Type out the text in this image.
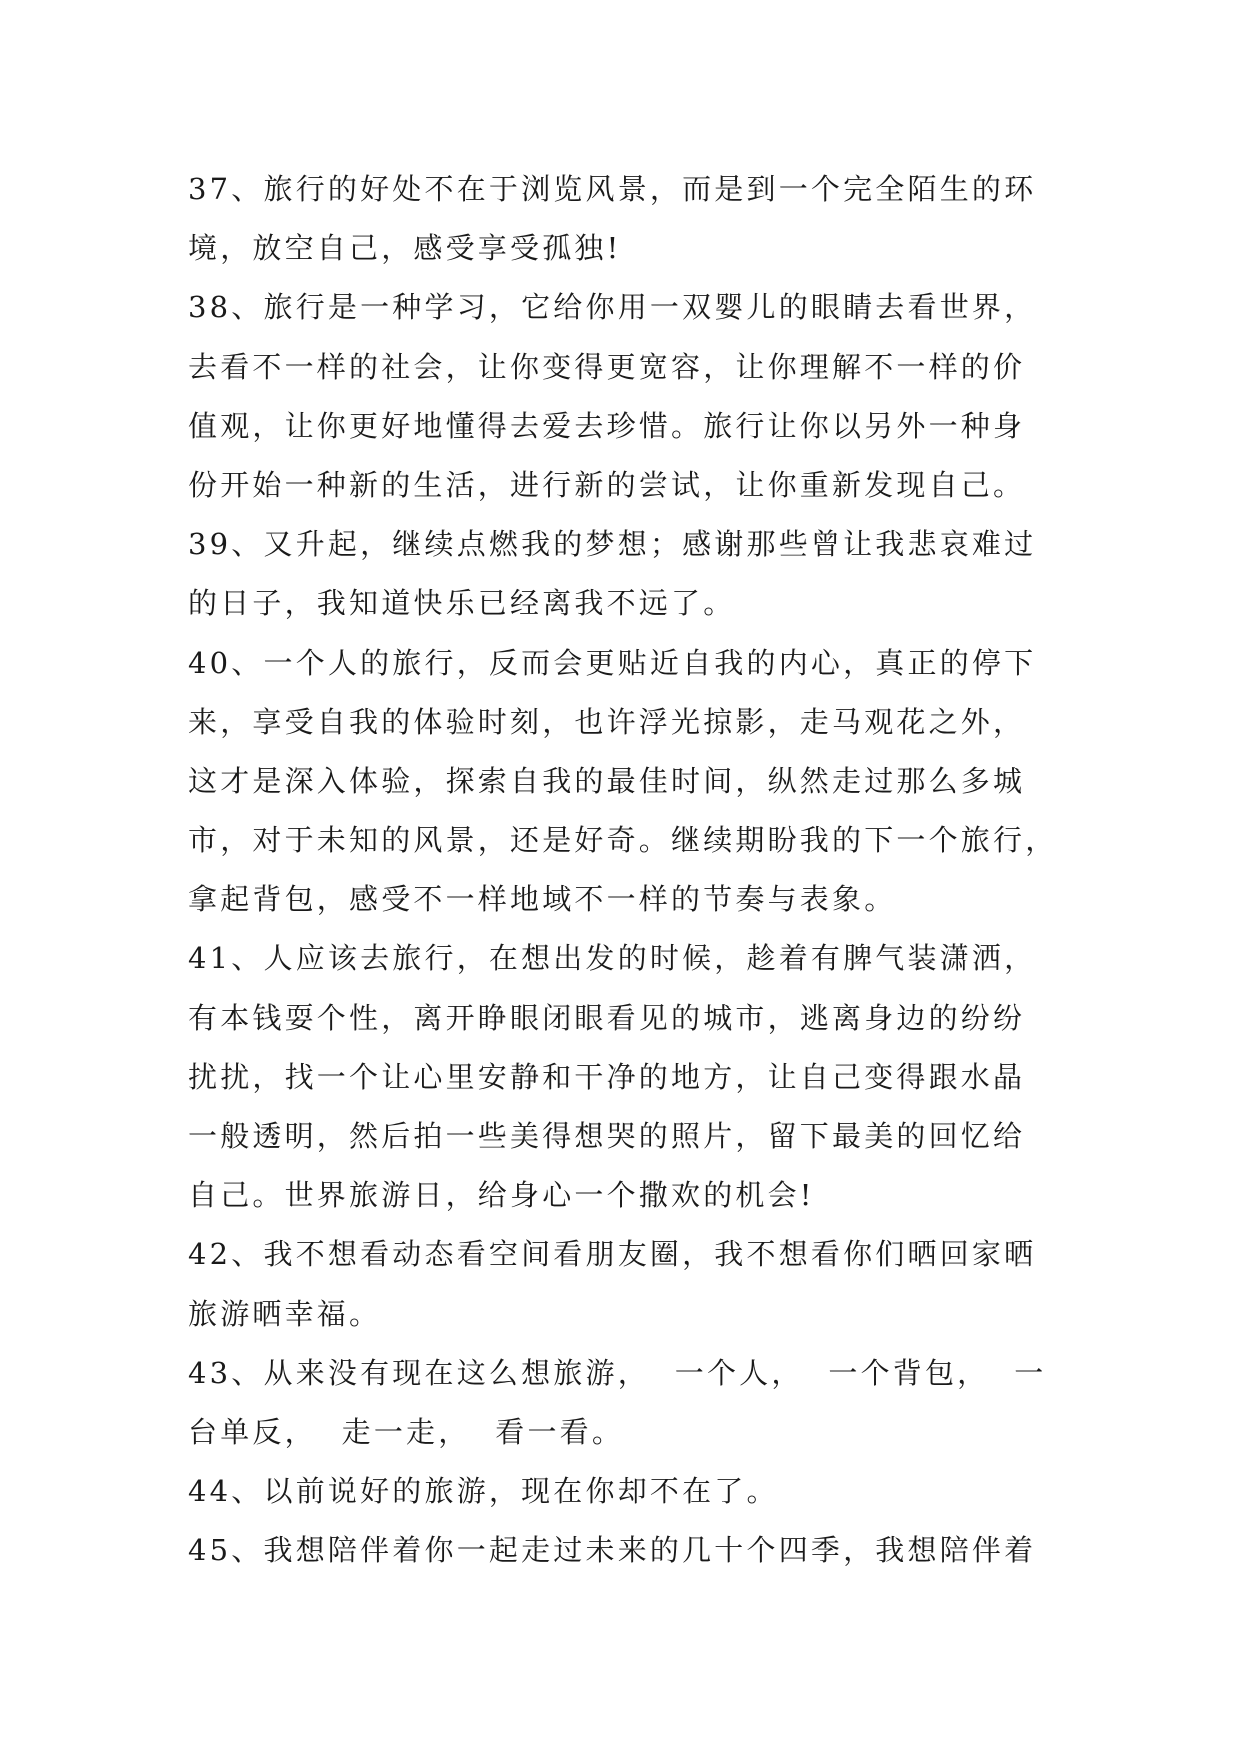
37、旅行的好处不在于浏览风景，而是到一个完全陌生的环
境，放空自己，感受享受孤独!
38、旅行是一种学习，它给你用一双婴儿的眼睛去看世界，
去看不一样的社会，让你变得更宽容，让你理解不一样的价
值观，让你更好地懂得去爱去珍惜。旅行让你以另外一种身
份开始一种新的生活，进行新的尝试，让你重新发现自己。
39、又升起，继续点燃我的梦想；感谢那些曾让我悲哀难过
的日子，我知道快乐已经离我不远了。
40、一个人的旅行，反而会更贴近自我的内心，真正的停下
来，享受自我的体验时刻，也许浮光掠影，走马观花之外，
这才是深入体验，探索自我的最佳时间，纵然走过那么多城
市，对于未知的风景，还是好奇。继续期盼我的下一个旅行，
拿起背包，感受不一样地域不一样的节奏与表象。
41、人应该去旅行，在想出发的时候，趁着有脾气装潇洒，
有本钱耍个性，离开睁眼闭眼看见的城市，逃离身边的纷纷
扰扰，找一个让心里安静和干净的地方，让自己变得跟水晶
一般透明，然后拍一些美得想哭的照片，留下最美的回忆给
自己。世界旅游日，给身心一个撒欢的机会!
42、我不想看动态看空间看朋友圈，我不想看你们晒回家晒
旅游晒幸福。
43、从来没有现在这么想旅游，  一个人，  一个背包，  一
台单反，  走一走，  看一看。
44、以前说好的旅游，现在你却不在了。
45、我想陪伴着你一起走过未来的几十个四季，我想陪伴着
